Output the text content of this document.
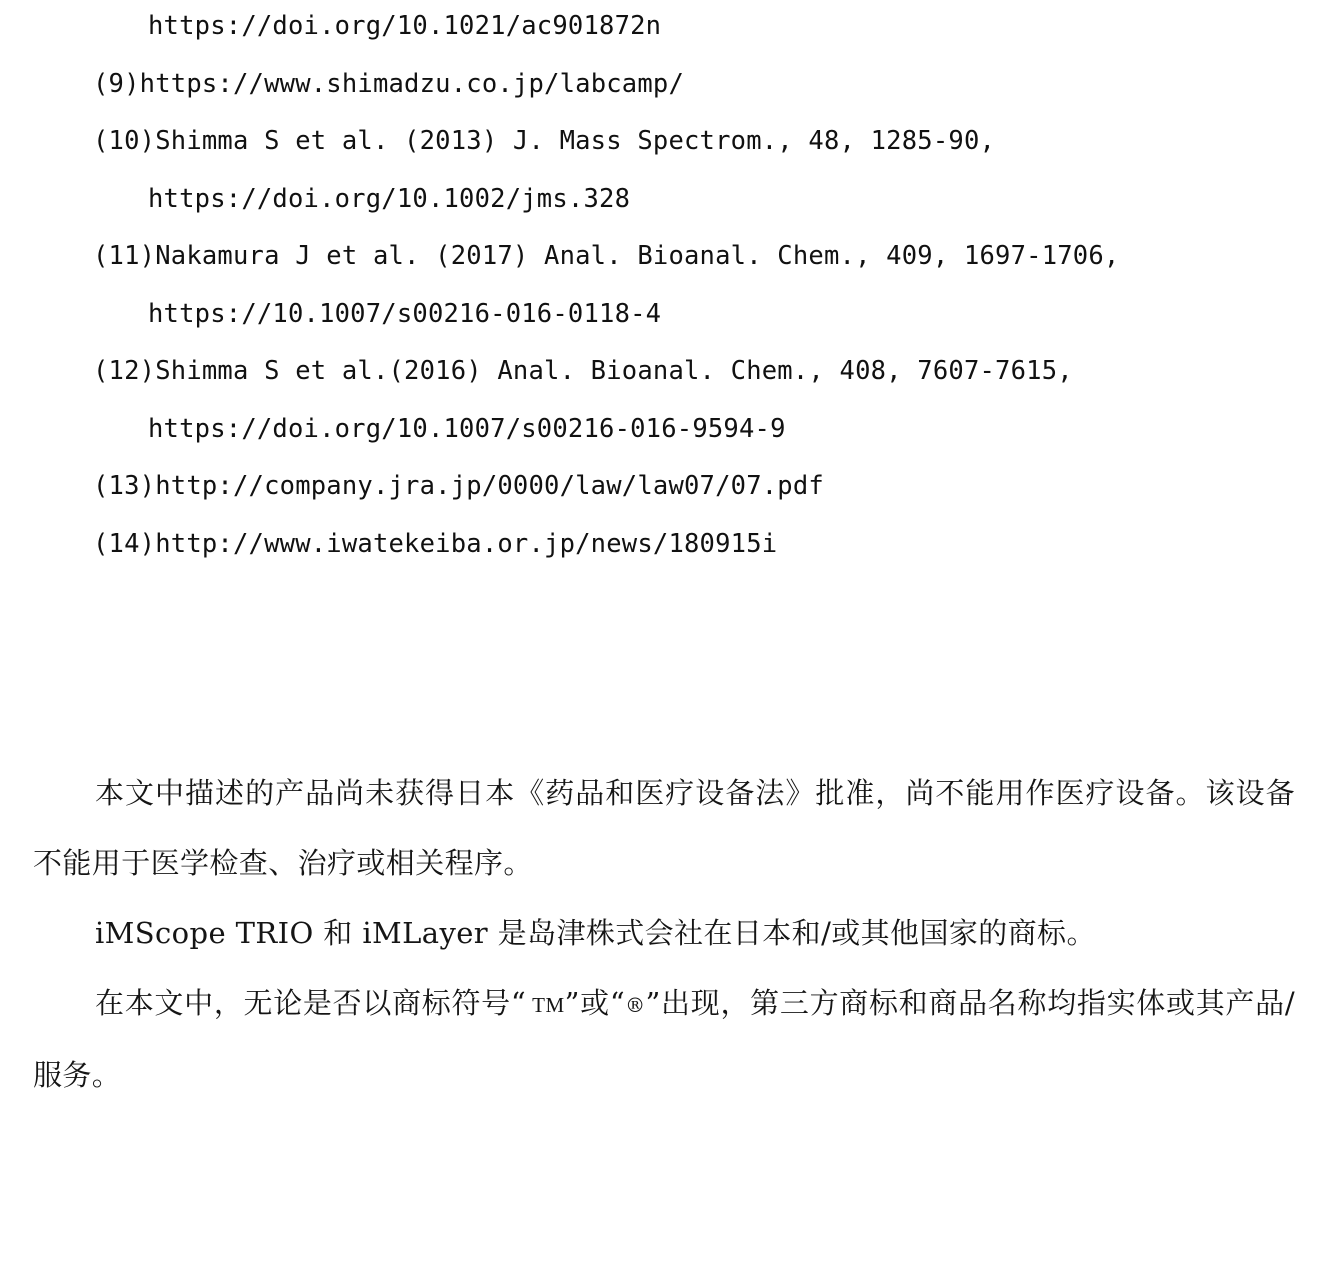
https://doi.org/10.1021/ac901872n
(9)https://www.shimadzu.co.jp/labcamp/
(10)Shimma S et al. (2013) J. Mass Spectrom., 48, 1285-90,
https://doi.org/10.1002/jms.328
(11)Nakamura J et al. (2017) Anal. Bioanal. Chem., 409, 1697-1706,
https://10.1007/s00216-016-0118-4
(12)Shimma S et al.(2016) Anal. Bioanal. Chem., 408, 7607-7615,
https://doi.org/10.1007/s00216-016-9594-9
(13)http://company.jra.jp/0000/law/law07/07.pdf
(14)http://www.iwatekeiba.or.jp/news/180915i

本文中描述的产品尚未获得日本《药品和医疗设备法》批准，尚不能用作医疗设备。该设备不能用于医学检查、治疗或相关程序。

iMScope TRIO 和 iMLayer 是岛津株式会社在日本和/或其他国家的商标。

在本文中，无论是否以商标符号“ TM”或“®”出现，第三方商标和商品名称均指实体或其产品/服务。
